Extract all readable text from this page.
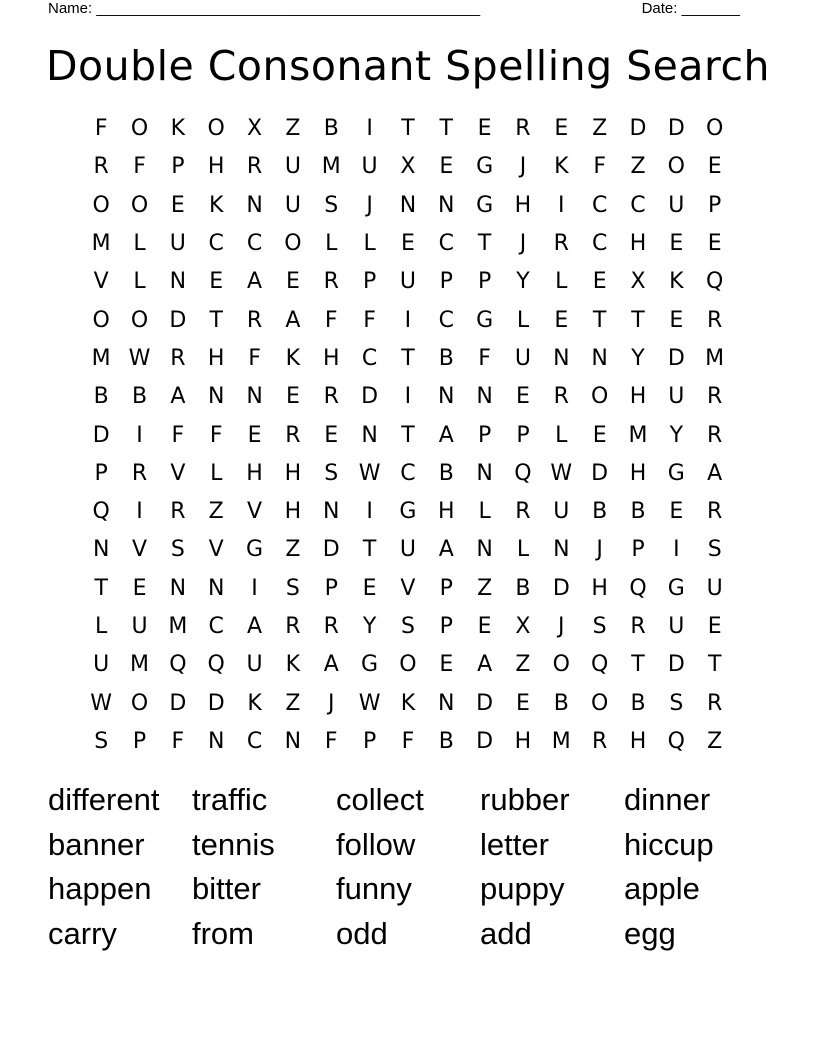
Name: ______________________________________________	Date: _______
Double Consonant Spelling Search
F	O	K	O	X	Z	B	I	T	T	E	R	E	Z	D D O
R	F	P	H	R	U M U	X	E	G	J	K	F	Z	O	E
O O	E	K	N	U	S	J	N N G H	I	C	C	U	P
M	L	U	C	C O	L	L	E	C	T	J	R	C	H	E	E
V	L	N	E	A	E	R	P	U	P	P	Y	L	E	X	K	Q
O O D	T	R	A	F	F	I	C	G	L	E	T	T	E	R
M W R	H	F	K	H	C	T	B	F	U	N N	Y	D M
B	B	A	N N	E	R	D	I	N N	E	R	O H	U	R
D	I	F	F	E	R	E	N	T	A	P	P	L	E M	Y	R
P	R	V	L	H H	S W C	B	N Q W D H G	A
Q	I	R	Z	V	H N	I	G H	L	R	U	B	B	E	R
N	V	S	V	G	Z	D	T	U	A	N	L	N	J	P	I	S
T	E	N N	I	S	P	E	V	P	Z	B	D H Q G U
L	U M C	A	R	R	Y	S	P	E	X	J	S	R	U	E
U M Q Q U	K	A	G O	E	A	Z	O Q	T	D	T
W O D D	K	Z	J	W K	N D	E	B	O	B	S	R
S	P	F	N	C	N	F	P	F	B	D H M R	H Q	Z
different	traffic	collect	rubber	dinner
banner	tennis	follow	letter	hiccup
happen	bitter	funny	puppy	apple
carry	from	odd	add	egg
